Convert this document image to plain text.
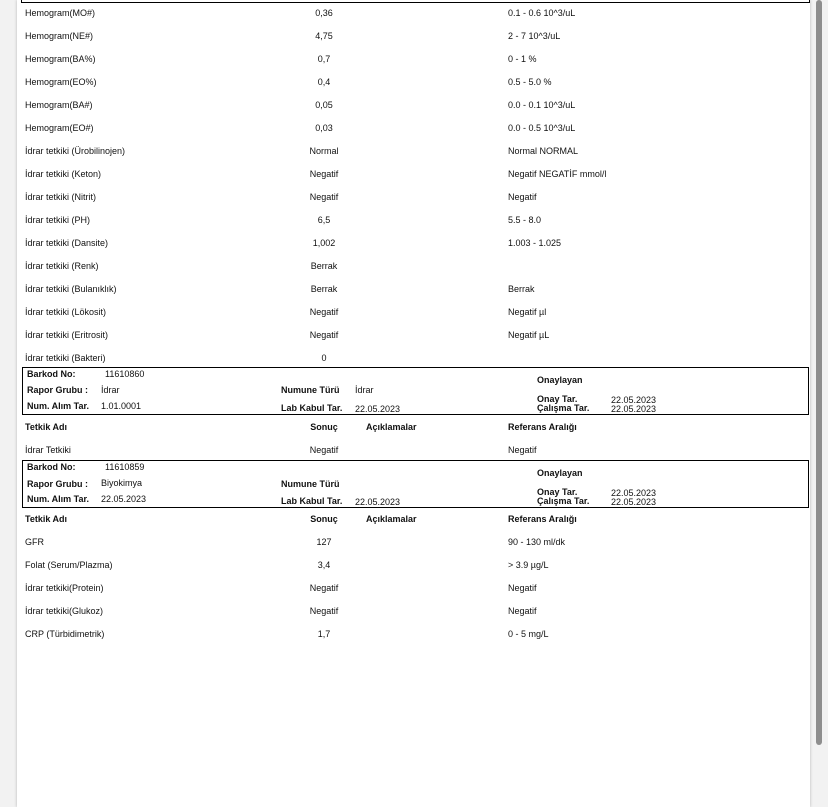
Hemogram(MO#)	0,36	0.1 - 0.6 10^3/uL
Hemogram(NE#)	4,75	2 - 7 10^3/uL
Hemogram(BA%)	0,7	0 - 1 %
Hemogram(EO%)	0,4	0.5 - 5.0 %
Hemogram(BA#)	0,05	0.0 - 0.1 10^3/uL
Hemogram(EO#)	0,03	0.0 - 0.5 10^3/uL
İdrar tetkiki (Ürobilinojen)	Normal	Normal NORMAL
İdrar tetkiki (Keton)	Negatif	Negatif NEGATİF mmol/l
İdrar tetkiki (Nitrit)	Negatif	Negatif
İdrar tetkiki (PH)	6,5	5.5 - 8.0
İdrar tetkiki (Dansite)	1,002	1.003 - 1.025
İdrar tetkiki (Renk)	Berrak
İdrar tetkiki (Bulanıklık)	Berrak	Berrak
İdrar tetkiki (Lökosit)	Negatif	Negatif µl
İdrar tetkiki (Eritrosit)	Negatif	Negatif µL
İdrar tetkiki (Bakteri)	0
Barkod No:	11610860
Rapor Grubu : İdrar
Num. Alım Tar. 1.01.0001
Numune Türü İdrar
Lab Kabul Tar. 22.05.2023
Onaylayan
Onay Tar.	22.05.2023
Çalışma Tar. 22.05.2023
Tetkik Adı	Sonuç	Açıklamalar	Referans Aralığı
İdrar Tetkiki	Negatif	Negatif
Barkod No:	11610859
Rapor Grubu : Biyokimya
Num. Alım Tar. 22.05.2023
Numune Türü
Lab Kabul Tar. 22.05.2023
Onaylayan
Onay Tar.	22.05.2023
Çalışma Tar. 22.05.2023
Tetkik Adı	Sonuç	Açıklamalar	Referans Aralığı
GFR	127	90 - 130 ml/dk
Folat (Serum/Plazma)	3,4	> 3.9 µg/L
İdrar tetkiki(Protein)	Negatif	Negatif
İdrar tetkiki(Glukoz)	Negatif	Negatif
CRP (Türbidimetrik)	1,7	0 - 5 mg/L
